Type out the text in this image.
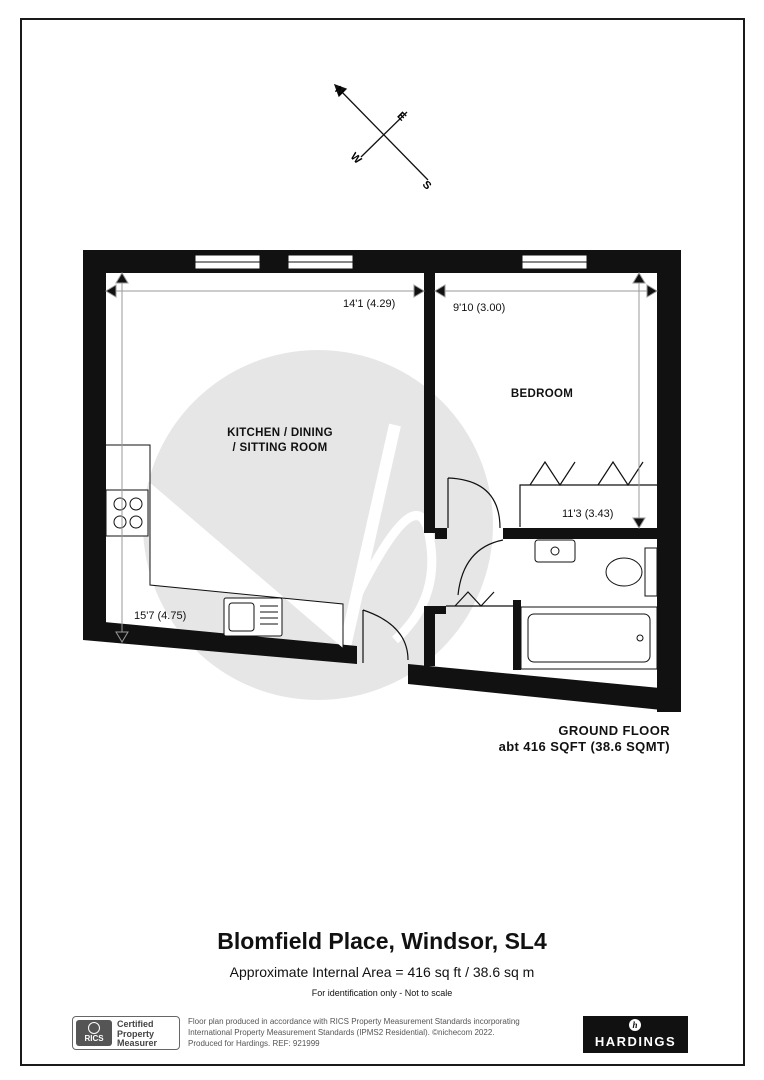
N
E
W
S
14'1 (4.29)
15'7 (4.75)
9'10 (3.00)
11'3 (3.43)
KITCHEN / DINING
/ SITTING ROOM
BEDROOM
GROUND FLOOR
abt 416 SQFT (38.6 SQMT)
Blomfield Place, Windsor, SL4
Approximate Internal Area = 416 sq ft / 38.6 sq m
For identification only - Not to scale
RICS
Certified
Property
Measurer
Floor plan produced in accordance with RICS Property Measurement Standards incorporating
International Property Measurement Standards (IPMS2 Residential). ©nichecom 2022.
Produced for Hardings. REF: 921999
h
HARDINGS
